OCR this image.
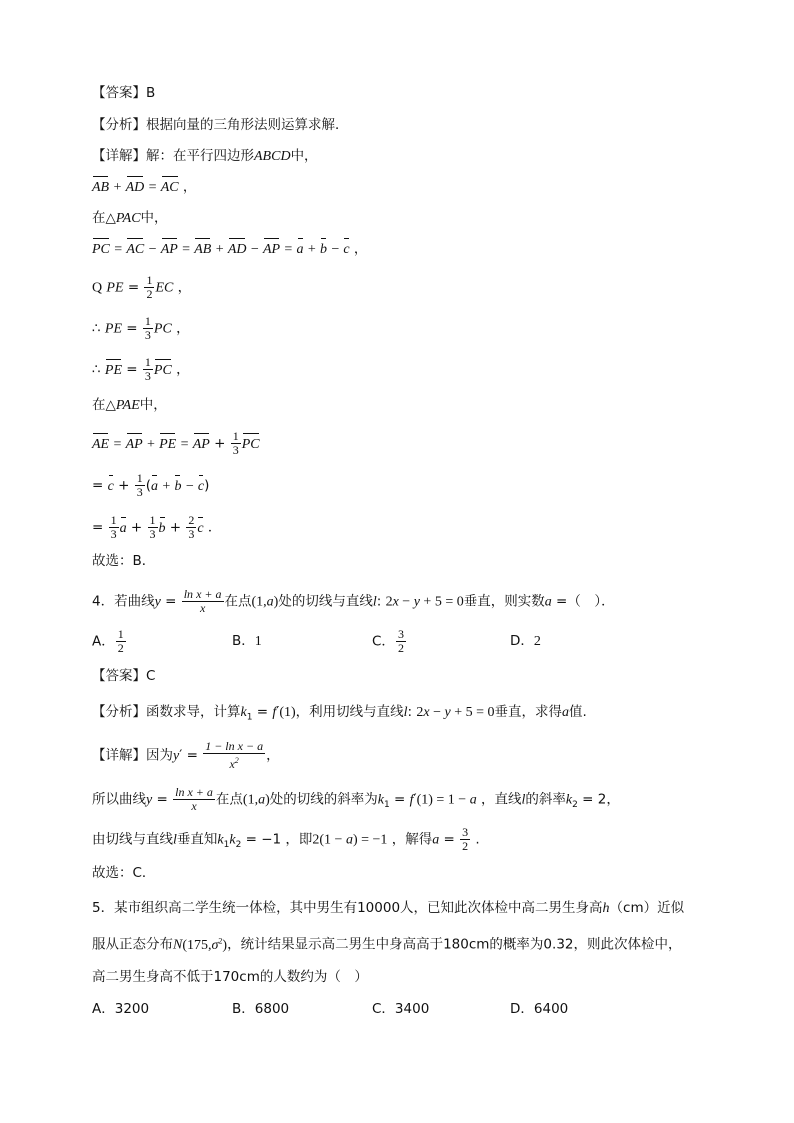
【答案】B
【分析】根据向量的三角形法则运算求解．
【详解】解：在平行四边形ABCD中，
AB + AD = AC ，
在△PAC中，
PC = AC − AP = AB + AD − AP = a + b − c ，
Q PE = $\frac{1}{2}$ EC ，
∴ PE = $\frac{1}{3}$ PC ，
∴ PE = $\frac{1}{3}$ PC ，
在△PAE中，
AE = AP + PE = AP + $\frac{1}{3}$ PC
= $c + \frac{1}{3} (a + b - c)$
= $\frac{1}{3}$ $a + \frac{1}{3}$ $b + \frac{2}{3}$ c ．
故选：B．
4．若曲线$y = \frac{\text{ln x + a}}{x}$ 在点(1,a)处的切线与直线l: 2x − y + 5 = 0垂直，则实数a =（　）．
A． $\frac{1}{2}$	B．1	C． $\frac{3}{2}$	D．2
【答案】C
【分析】函数求导，计算$k_1 = f'(1)$，利用切线与直线l: 2x − y + 5 = 0垂直，求得a值.
【详解】因为$y' = \frac{\text{1 − ln x − a}}{x^2}$ ，
所以曲线$y = \frac{\text{ln x + a}}{x}$ 在点(1,a)处的切线的斜率为$k_1 = f'(1) = 1 - a$ ，直线l的斜率$k_2 = 2$，
由切线与直线l垂直知$k_1k_2 = -1$ ，即2(1 − a) = −1 ，解得$a = \frac{3}{2}$ .
故选：C．
5．某市组织高二学生统一体检，其中男生有10000人，已知此次体检中高二男生身高h（cm）近似
服从正态分布$N(175,\sigma^2)$，统计结果显示高二男生中身高高于180cm的概率为0.32，则此次体检中，
高二男生身高不低于170cm的人数约为（　）
A．3200	B．6800	C．3400	D．6400
